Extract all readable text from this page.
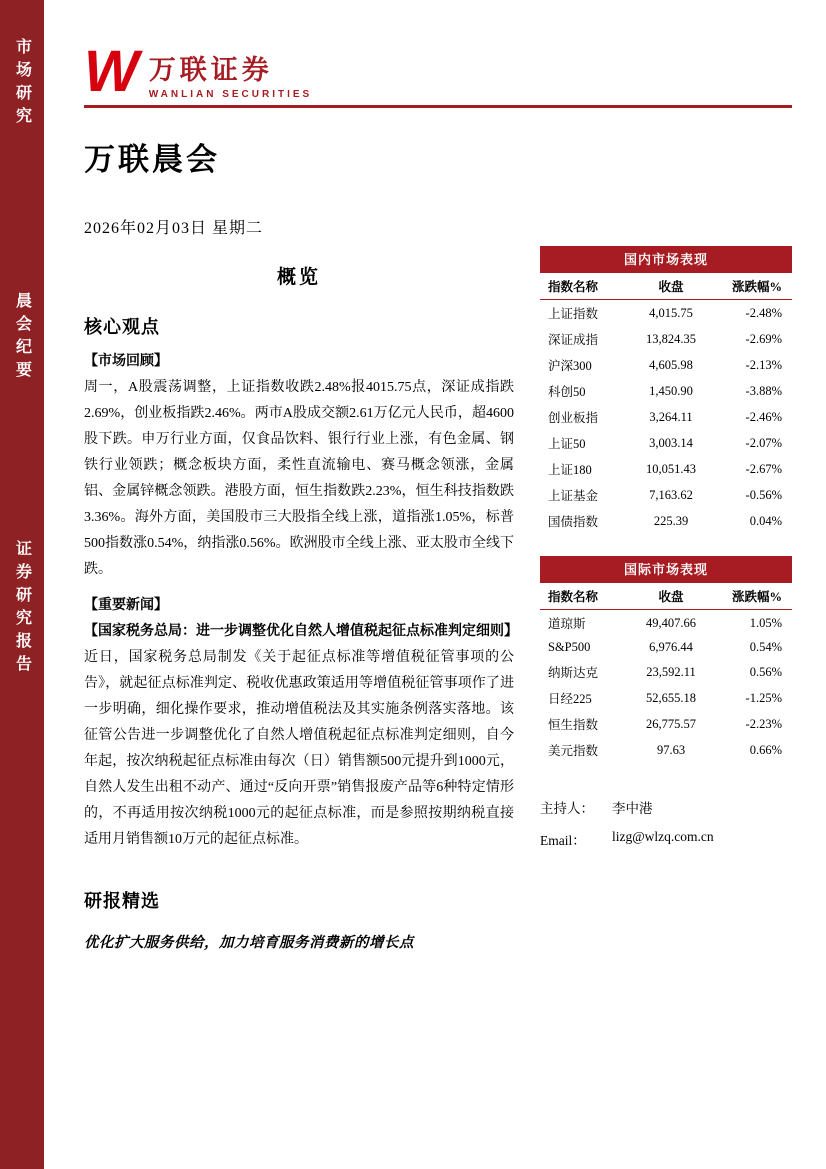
市场研究
晨会纪要
证券研究报告
W 万联证券
WANLIAN SECURITIES
万联晨会
2026年02月03日 星期二
概览
核心观点
【市场回顾】

周一，A股震荡调整，上证指数收跌2.48%报4015.75点，深证成指跌2.69%，创业板指跌2.46%。两市A股成交额2.61万亿元人民币，超4600股下跌。申万行业方面，仅食品饮料、银行行业上涨，有色金属、钢铁行业领跌；概念板块方面，柔性直流输电、赛马概念领涨，金属铝、金属锌概念领跌。港股方面，恒生指数跌2.23%，恒生科技指数跌3.36%。海外方面，美国股市三大股指全线上涨，道指涨1.05%，标普500指数涨0.54%，纳指涨0.56%。欧洲股市全线上涨、亚太股市全线下跌。

【重要新闻】

【国家税务总局：进一步调整优化自然人增值税起征点标准判定细则】近日，国家税务总局制发《关于起征点标准等增值税征管事项的公告》，就起征点标准判定、税收优惠政策适用等增值税征管事项作了进一步明确，细化操作要求，推动增值税法及其实施条例落实落地。该征管公告进一步调整优化了自然人增值税起征点标准判定细则，自今年起，按次纳税起征点标准由每次（日）销售额500元提升到1000元，自然人发生出租不动产、通过“反向开票”销售报废产品等6种特定情形的，不再适用按次纳税1000元的起征点标准，而是参照按期纳税直接适用月销售额10万元的起征点标准。

研报精选
优化扩大服务供给，加力培育服务消费新的增长点
国内市场表现
指数名称	收盘	涨跌幅%
上证指数	4,015.75	-2.48%
深证成指	13,824.35	-2.69%
沪深300	4,605.98	-2.13%
科创50	1,450.90	-3.88%
创业板指	3,264.11	-2.46%
上证50	3,003.14	-2.07%
上证180	10,051.43	-2.67%
上证基金	7,163.62	-0.56%
国债指数	225.39	0.04%
国际市场表现
指数名称	收盘	涨跌幅%
道琼斯	49,407.66	1.05%
S&P500	6,976.44	0.54%
纳斯达克	23,592.11	0.56%
日经225	52,655.18	-1.25%
恒生指数	26,775.57	-2.23%
美元指数	97.63	0.66%
主持人：	李中港
Email：	lizg@wlzq.com.cn
